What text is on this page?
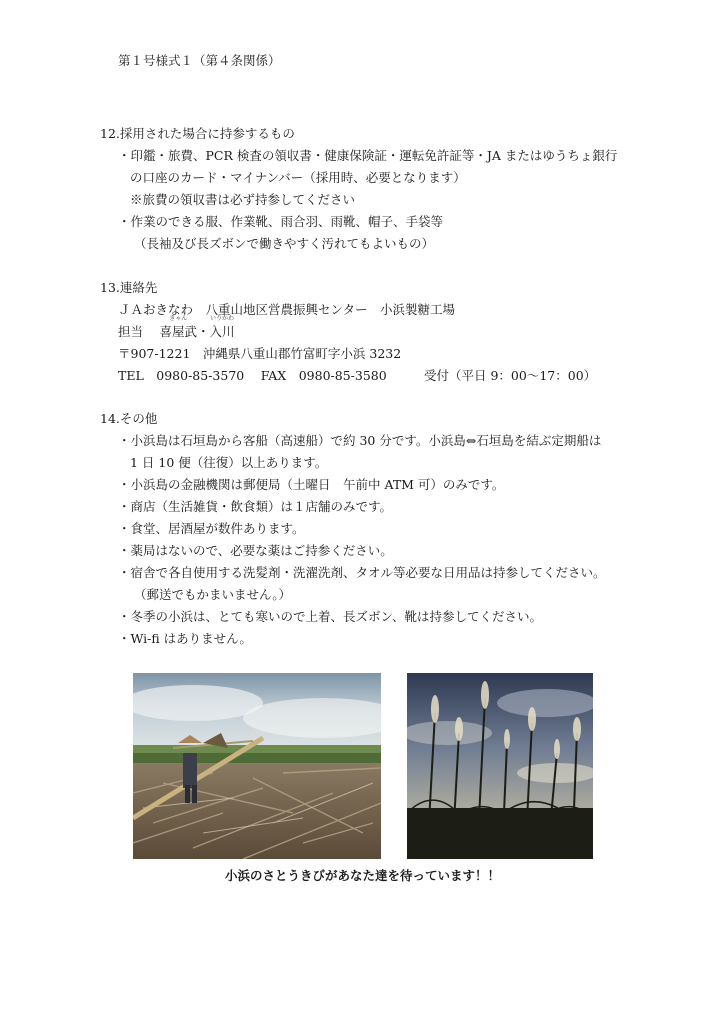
第１号様式１（第４条関係）
12.採用された場合に持参するもの
・印鑑・旅費、PCR 検査の領収書・健康保険証・運転免許証等・JA またはゆうちょ銀行
の口座のカード・マイナンバー（採用時、必要となります）
※旅費の領収書は必ず持参してください
・作業のできる服、作業靴、雨合羽、雨靴、帽子、手袋等
（長袖及び長ズボンで働きやすく汚れてもよいもの）
13.連絡先
ＪＡおきなわ　八重山地区営農振興センター　小浜製糖工場
担当　
きゃん
喜屋武・
いりかわ
入川
〒907-1221　沖縄県八重山郡竹富町字小浜 3232
TEL　0980-85-3570　 FAX　0980-85-3580	受付（平日 9：00～17：00）
14.その他
・小浜島は石垣島から客船（高速船）で約 30 分です。小浜島⇔石垣島を結ぶ定期船は
1 日 10 便（往復）以上あります。
・小浜島の金融機関は郵便局（土曜日　午前中 ATM 可）のみです。
・商店（生活雑貨・飲食類）は１店舗のみです。
・食堂、居酒屋が数件あります。
・薬局はないので、必要な薬はご持参ください。
・宿舎で各自使用する洗髪剤・洗濯洗剤、タオル等必要な日用品は持参してください。
（郵送でもかまいません。）
・冬季の小浜は、とても寒いので上着、長ズボン、靴は持参してください。
・Wi-fi はありません。
小浜のさとうきびがあなた達を待っています！！
